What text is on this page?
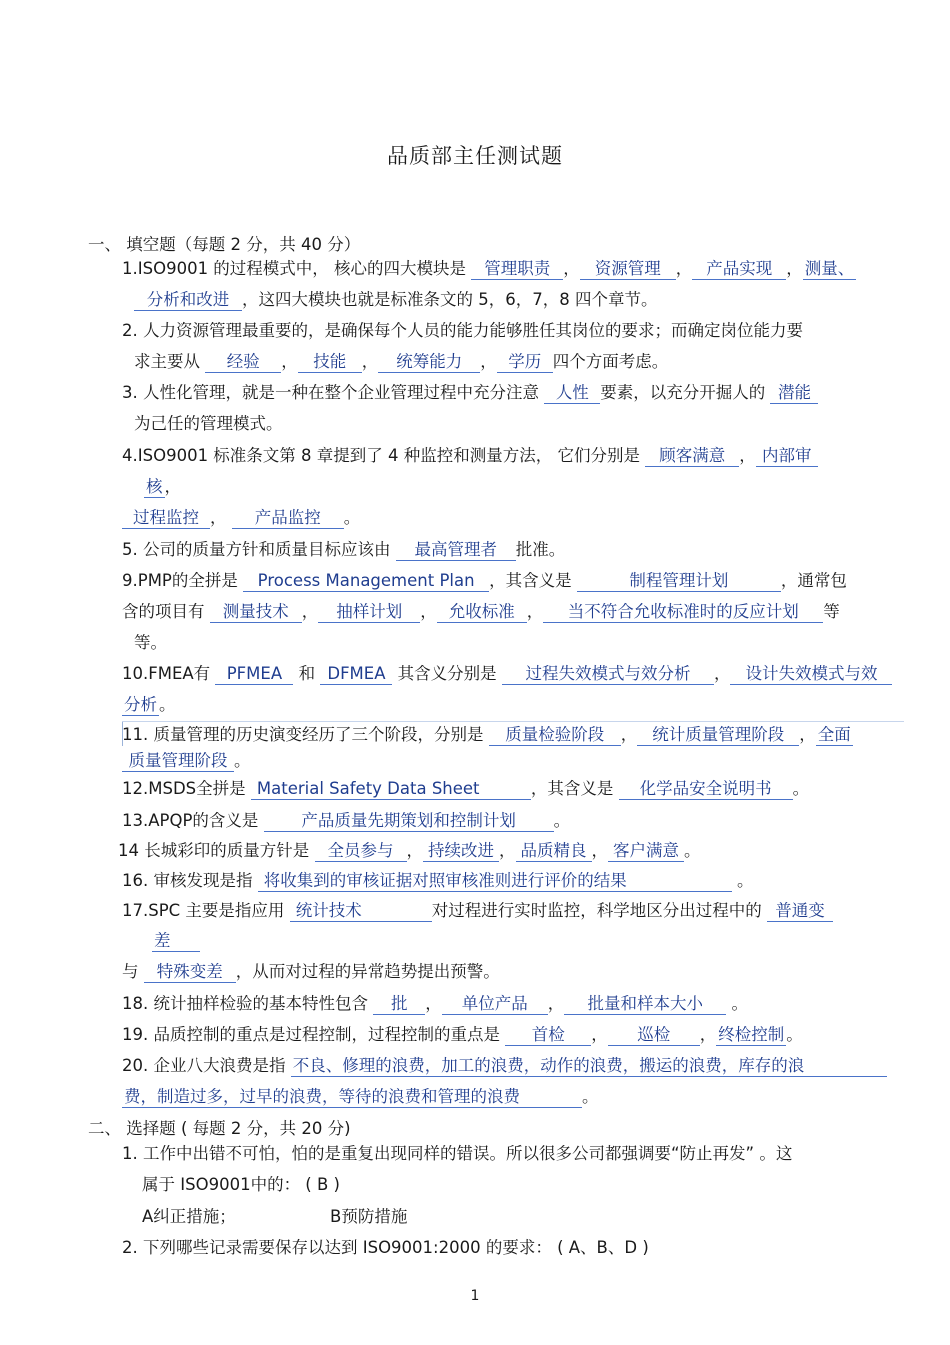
品质部主任测试题
一、 填空题（每题 2 分，共 40 分）
1.ISO9001 的过程模式中， 核心的四大模块是 管理职责 ， 资源管理 ， 产品实现 ， 测量、
分析和改进 ，这四大模块也就是标准条文的 5，6，7，8 四个章节。
2. 人力资源管理最重要的，是确保每个人员的能力能够胜任其岗位的要求；而确定岗位能力要
求主要从 经验 ， 技能 ， 统筹能力 ， 学历 四个方面考虑。
3. 人性化管理，就是一种在整个企业管理过程中充分注意 人性 要素，以充分开掘人的 潜能
为己任的管理模式。
4.ISO9001 标准条文第 8 章提到了 4 种监控和测量方法， 它们分别是 顾客满意 ， 内部审
核 ，
过程监控 ， 产品监控 。
5. 公司的质量方针和质量目标应该由 最高管理者 批准。
9.PMP的全拼是 Process Management Plan ，其含义是	制程管理计划	，通常包
含的项目有 测量技术 ， 抽样计划 ， 允收标准 ， 当不符合允收标准时的反应计划 等
等。
10.FMEA有 PFMEA 和 DFMEA 其含义分别是 过程失效模式与效分析 ， 设计失效模式与效
分析 。
11. 质量管理的历史演变经历了三个阶段，分别是 质量检验阶段 ， 统计质量管理阶段 ， 全面
质量管理阶段 。
12.MSDS全拼是 Material Safety Data Sheet	，其含义是 化学品安全说明书 。
13.APQP的含义是 产品质量先期策划和控制计划 。
14 长城彩印的质量方针是 全员参与 ， 持续改进 ， 品质精良 ， 客户满意 。
16. 审核发现是指 将收集到的审核证据对照审核准则进行评价的结果	。
17.SPC 主要是指应用 统计技术	对过程进行实时监控，科学地区分出过程中的 普通变
差
与 特殊变差 ，从而对过程的异常趋势提出预警。
18. 统计抽样检验的基本特性包含 批 ， 单位产品 ， 批量和样本大小 。
19. 品质控制的重点是过程控制，过程控制的重点是 首检 ， 巡检 ， 终检控制 。
20. 企业八大浪费是指 不良、修理的浪费，加工的浪费，动作的浪费，搬运的浪费，库存的浪
费，制造过多，过早的浪费，等待的浪费和管理的浪费	。
二、 选择题 ( 每题 2 分，共 20 分)
1. 工作中出错不可怕，怕的是重复出现同样的错误。所以很多公司都强调要“防止再发” 。这
属于 ISO9001中的： ( B )
A纠正措施；	B预防措施
2. 下列哪些记录需要保存以达到 ISO9001:2000 的要求： ( A、B、D )
1
